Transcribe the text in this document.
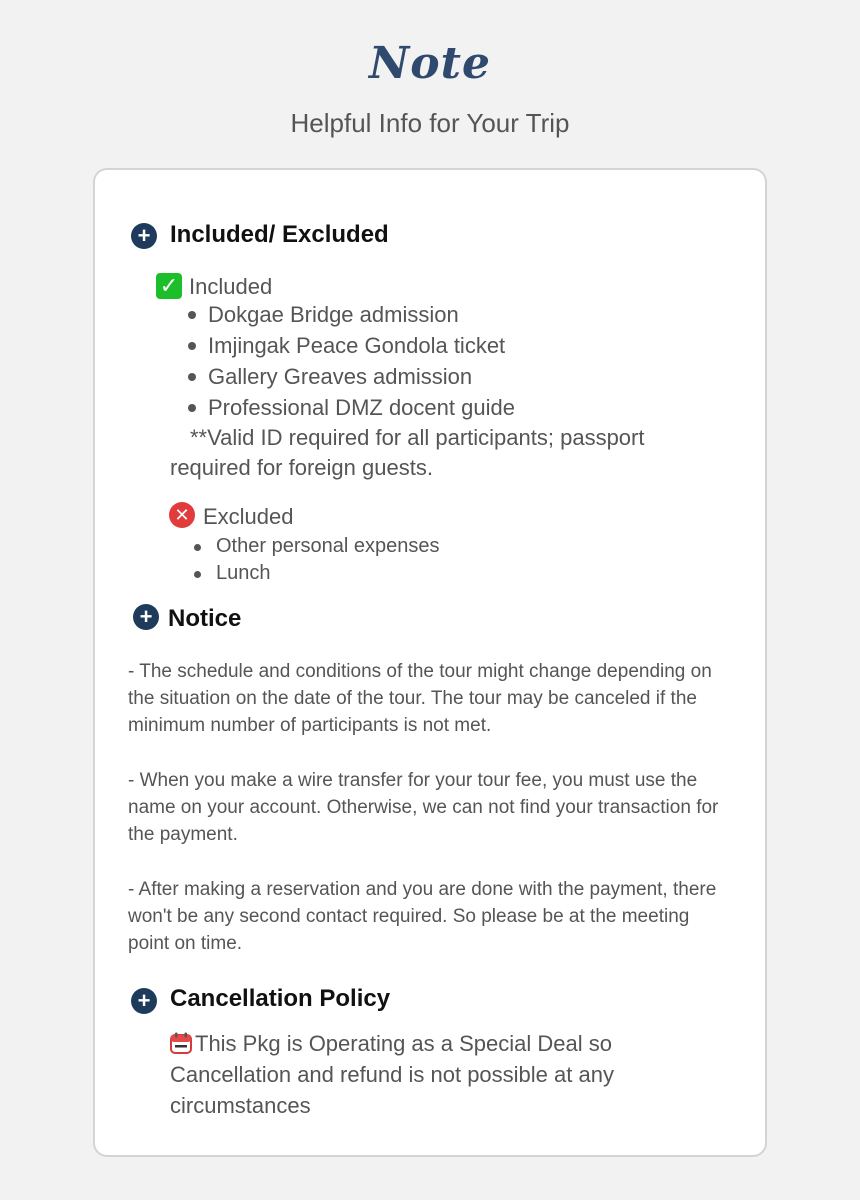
Note
Helpful Info for Your Trip
+ Included/ Excluded
✓ Included
Dokgae Bridge admission
Imjingak Peace Gondola ticket
Gallery Greaves admission
Professional DMZ docent guide
**Valid ID required for all participants; passport
required for foreign guests.
✕ Excluded
Other personal expenses
Lunch
+ Notice
- The schedule and conditions of the tour might change depending on the situation on the date of the tour. The tour may be canceled if the minimum number of participants is not met.
- When you make a wire transfer for your tour fee, you must use the name on your account. Otherwise, we can not find your transaction for the payment.
- After making a reservation and you are done with the payment, there won't be any second contact required. So please be at the meeting point on time.
+ Cancellation Policy
This Pkg is Operating as a Special Deal so Cancellation and refund is not possible at any circumstances
